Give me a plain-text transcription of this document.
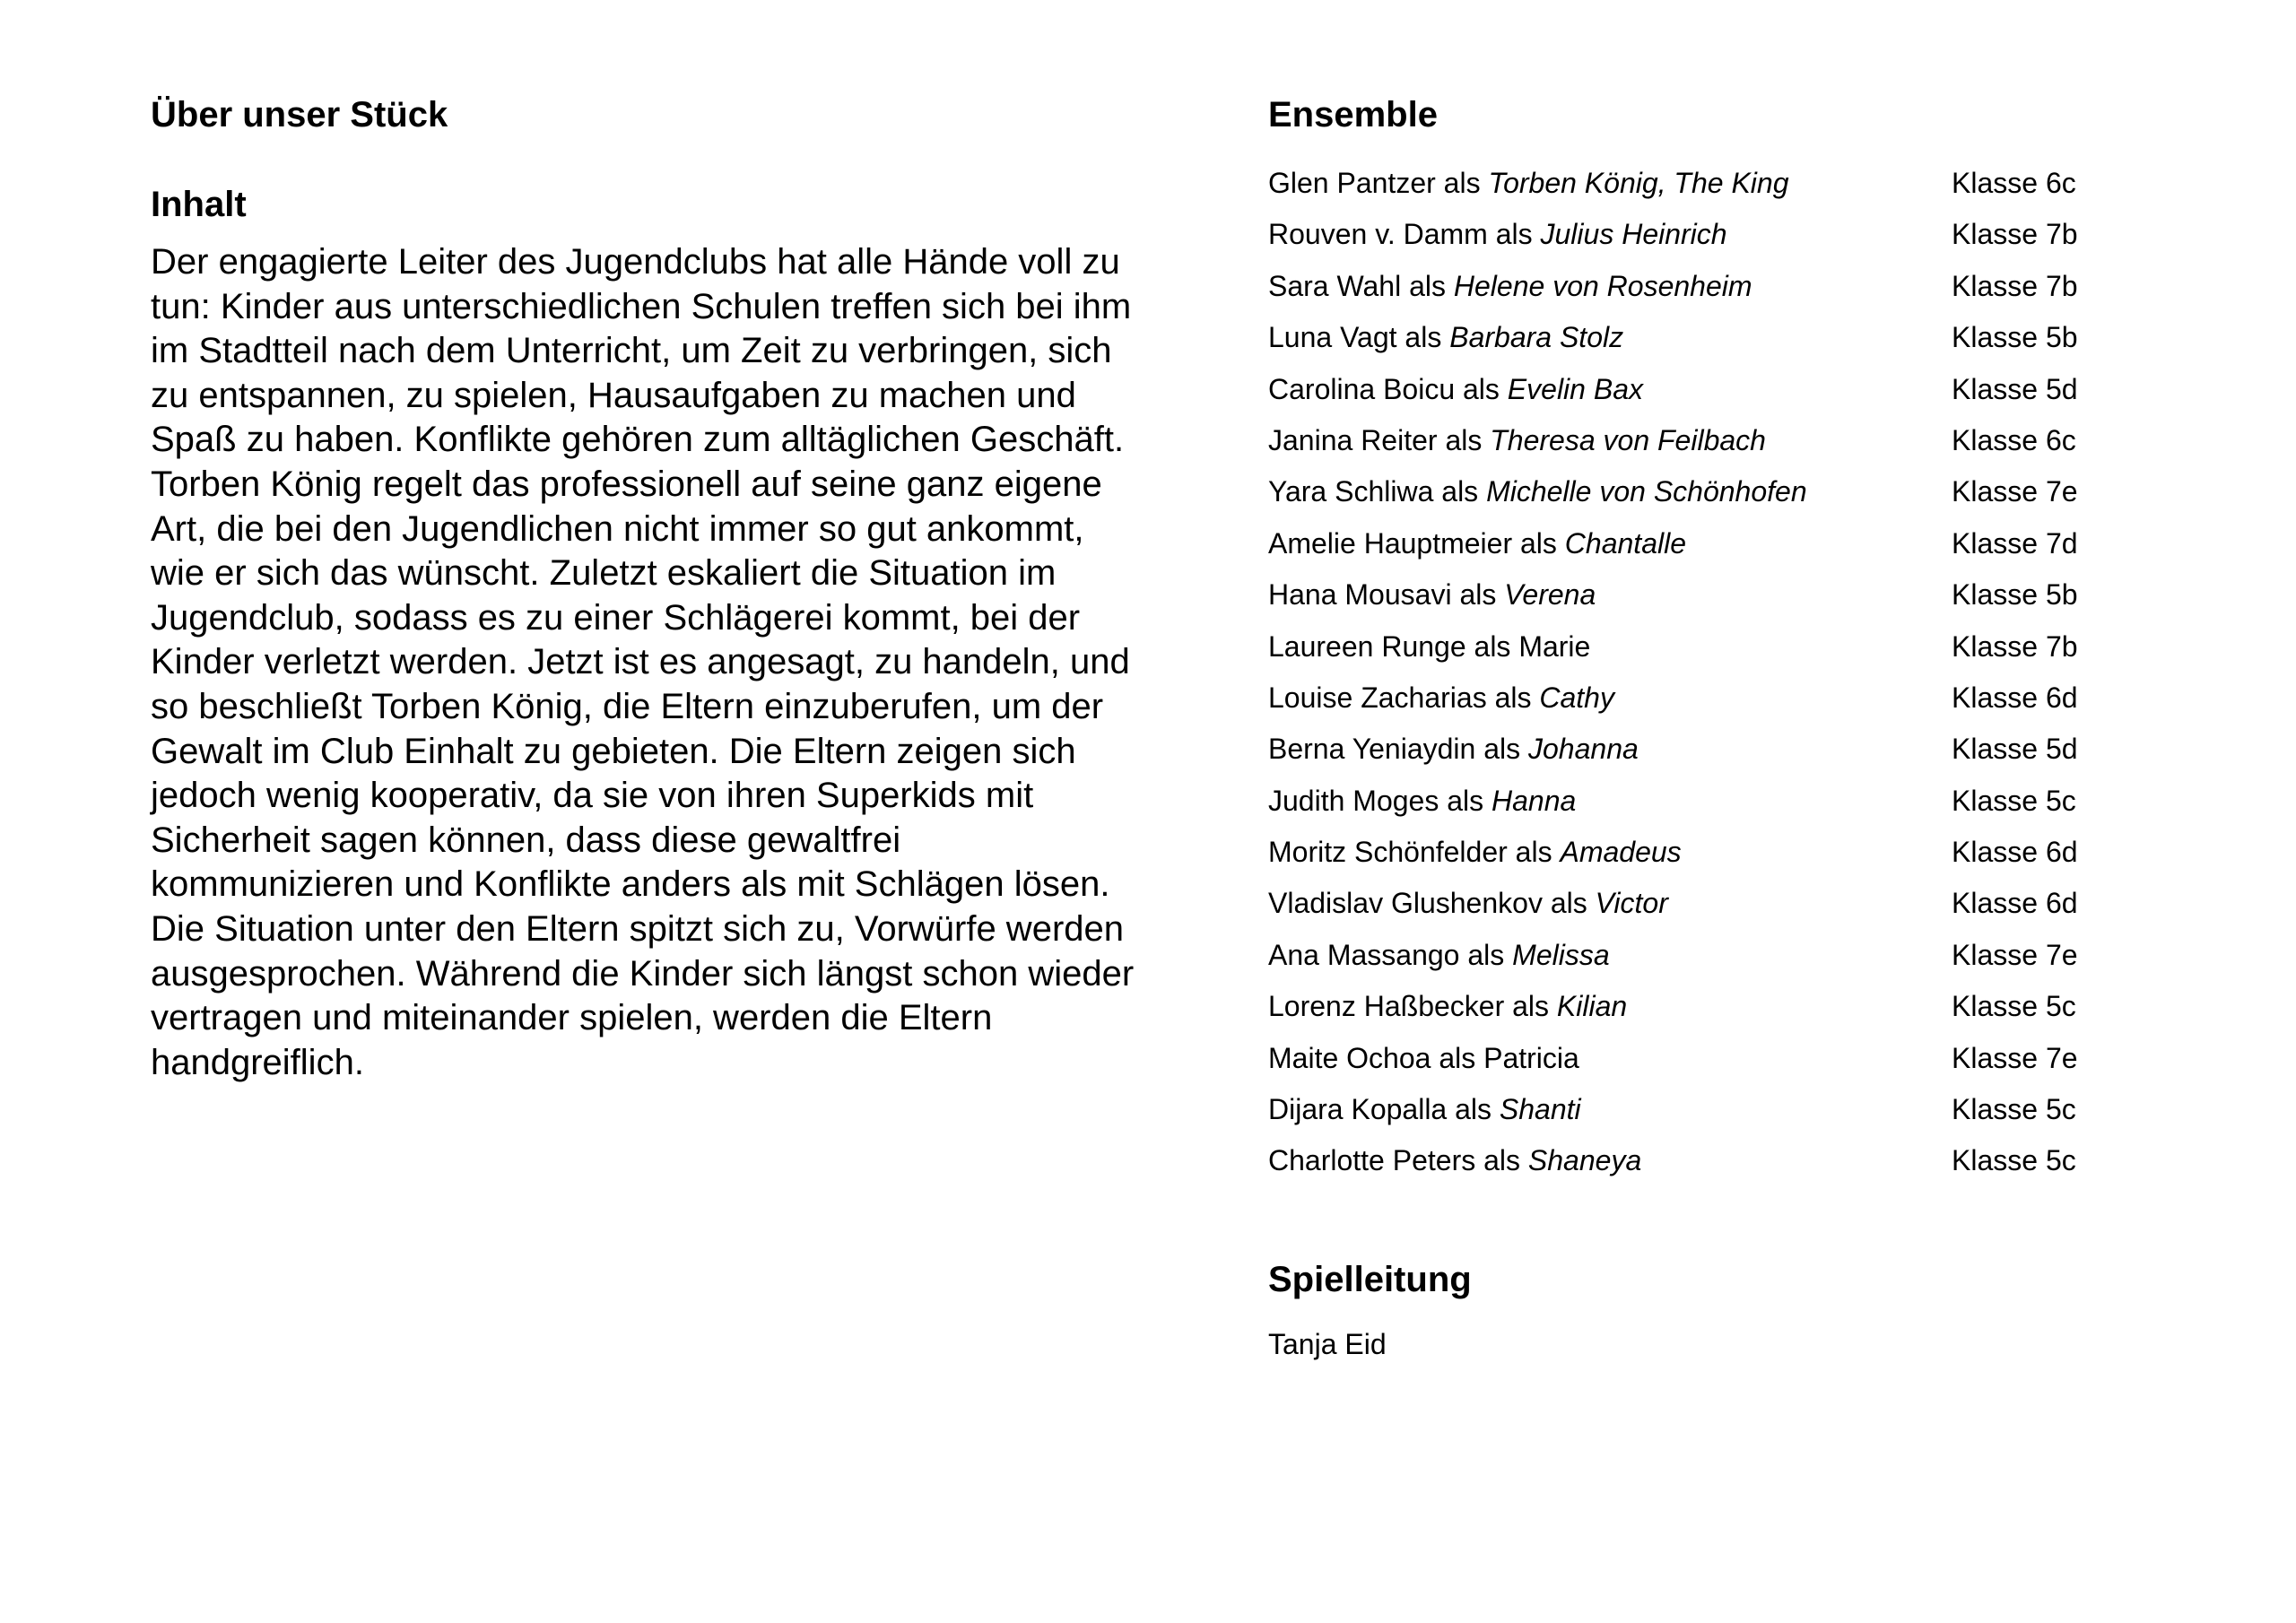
Über unser Stück
Inhalt

Der engagierte Leiter des Jugendclubs hat alle Hände voll zu tun: Kinder aus unterschiedlichen Schulen treffen sich bei ihm im Stadtteil nach dem Unterricht, um Zeit zu verbringen, sich zu entspannen, zu spielen, Hausaufgaben zu machen und Spaß zu haben. Konflikte gehören zum alltäglichen Geschäft.

Torben König regelt das professionell auf seine ganz eigene Art, die bei den Jugendlichen nicht immer so gut ankommt, wie er sich das wünscht. Zuletzt eskaliert die Situation im Jugendclub, sodass es zu einer Schlägerei kommt, bei der Kinder verletzt werden. Jetzt ist es angesagt, zu handeln, und so beschließt Torben König, die Eltern einzuberufen, um der Gewalt im Club Einhalt zu gebieten. Die Eltern zeigen sich jedoch wenig kooperativ, da sie von ihren Superkids mit Sicherheit sagen können, dass diese gewaltfrei kommunizieren und Konflikte anders als mit Schlägen lösen. Die Situation unter den Eltern spitzt sich zu, Vorwürfe werden ausgesprochen. Während die Kinder sich längst schon wieder vertragen und miteinander spielen, werden die Eltern handgreiflich.

Ensemble
Glen Pantzer als Torben König, The King	Klasse 6c
Rouven v. Damm als Julius Heinrich	Klasse 7b
Sara Wahl als Helene von Rosenheim	Klasse 7b
Luna Vagt als Barbara Stolz	Klasse 5b
Carolina Boicu als Evelin Bax	Klasse 5d
Janina Reiter als Theresa von Feilbach	Klasse 6c
Yara Schliwa als Michelle von Schönhofen	Klasse 7e
Amelie Hauptmeier als Chantalle	Klasse 7d
Hana Mousavi als Verena	Klasse 5b
Laureen Runge als Marie	Klasse 7b
Louise Zacharias als Cathy	Klasse 6d
Berna Yeniaydin als Johanna	Klasse 5d
Judith Moges als Hanna	Klasse 5c
Moritz Schönfelder als Amadeus	Klasse 6d
Vladislav Glushenkov als Victor	Klasse 6d
Ana Massango als Melissa	Klasse 7e
Lorenz Haßbecker als Kilian	Klasse 5c
Maite Ochoa als Patricia	Klasse 7e
Dijara Kopalla als Shanti	Klasse 5c
Charlotte Peters als Shaneya	Klasse 5c
Spielleitung

Tanja Eid
